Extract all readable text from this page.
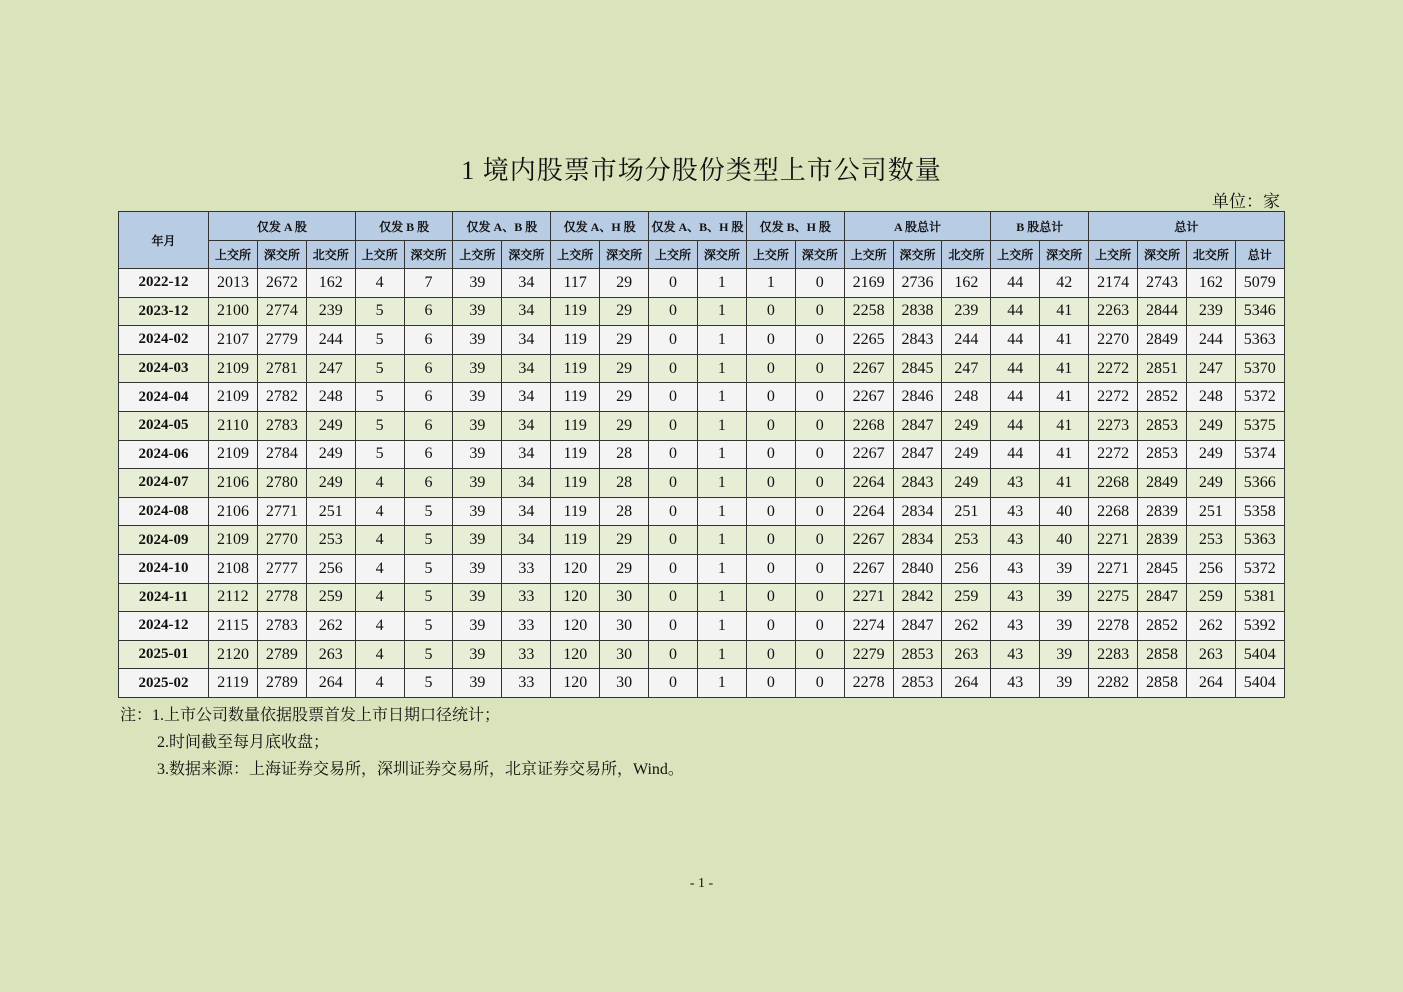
1 境内股票市场分股份类型上市公司数量
单位：家
年月	仅发 A 股			仅发 B 股		仅发 A、B 股		仅发 A、H 股		仅发 A、B、H 股		仅发 B、H 股		A 股总计			B 股总计		总计			
	上交所	深交所	北交所	上交所	深交所	上交所	深交所	上交所	深交所	上交所	深交所	上交所	深交所	上交所	深交所	北交所	上交所	深交所	上交所	深交所	北交所	总计
2022-12	2013	2672	162	4	7	39	34	117	29	0	1	1	0	2169	2736	162	44	42	2174	2743	162	5079
2023-12	2100	2774	239	5	6	39	34	119	29	0	1	0	0	2258	2838	239	44	41	2263	2844	239	5346
2024-02	2107	2779	244	5	6	39	34	119	29	0	1	0	0	2265	2843	244	44	41	2270	2849	244	5363
2024-03	2109	2781	247	5	6	39	34	119	29	0	1	0	0	2267	2845	247	44	41	2272	2851	247	5370
2024-04	2109	2782	248	5	6	39	34	119	29	0	1	0	0	2267	2846	248	44	41	2272	2852	248	5372
2024-05	2110	2783	249	5	6	39	34	119	29	0	1	0	0	2268	2847	249	44	41	2273	2853	249	5375
2024-06	2109	2784	249	5	6	39	34	119	28	0	1	0	0	2267	2847	249	44	41	2272	2853	249	5374
2024-07	2106	2780	249	4	6	39	34	119	28	0	1	0	0	2264	2843	249	43	41	2268	2849	249	5366
2024-08	2106	2771	251	4	5	39	34	119	28	0	1	0	0	2264	2834	251	43	40	2268	2839	251	5358
2024-09	2109	2770	253	4	5	39	34	119	29	0	1	0	0	2267	2834	253	43	40	2271	2839	253	5363
2024-10	2108	2777	256	4	5	39	33	120	29	0	1	0	0	2267	2840	256	43	39	2271	2845	256	5372
2024-11	2112	2778	259	4	5	39	33	120	30	0	1	0	0	2271	2842	259	43	39	2275	2847	259	5381
2024-12	2115	2783	262	4	5	39	33	120	30	0	1	0	0	2274	2847	262	43	39	2278	2852	262	5392
2025-01	2120	2789	263	4	5	39	33	120	30	0	1	0	0	2279	2853	263	43	39	2283	2858	263	5404
2025-02	2119	2789	264	4	5	39	33	120	30	0	1	0	0	2278	2853	264	43	39	2282	2858	264	5404
注：1.上市公司数量依据股票首发上市日期口径统计；
2.时间截至每月底收盘；
3.数据来源：上海证券交易所，深圳证券交易所，北京证券交易所，Wind。
- 1 -
